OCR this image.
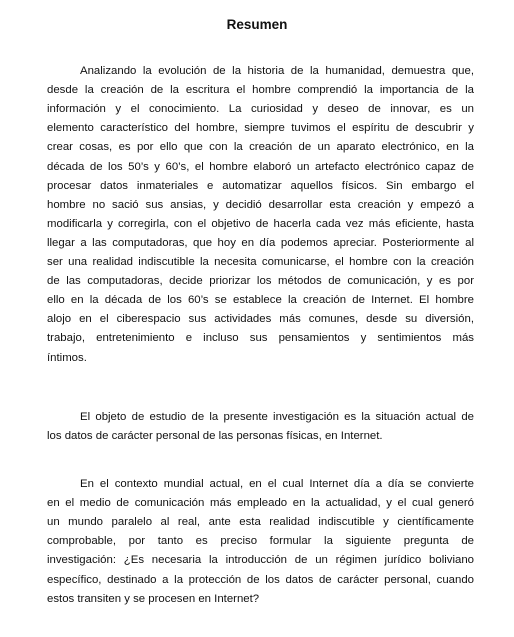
Resumen
Analizando la evolución de la historia de la humanidad, demuestra que,
desde la creación de la escritura el hombre comprendió la importancia de la
información y el conocimiento. La curiosidad y deseo de innovar, es un
elemento característico del hombre, siempre tuvimos el espíritu de descubrir y
crear cosas, es por ello que con la creación de un aparato electrónico, en la
década de los 50’s y 60’s, el hombre elaboró un artefacto electrónico capaz de
procesar datos inmateriales e automatizar aquellos físicos. Sin embargo el
hombre no sació sus ansias, y decidió desarrollar esta creación y empezó a
modificarla y corregirla, con el objetivo de hacerla cada vez más eficiente, hasta
llegar a las computadoras, que hoy en día podemos apreciar. Posteriormente al
ser una realidad indiscutible la necesita comunicarse, el hombre con la creación
de las computadoras, decide priorizar los métodos de comunicación, y es por
ello en la década de los 60’s se establece la creación de Internet. El hombre
alojo en el ciberespacio sus actividades más comunes, desde su diversión,
trabajo, entretenimiento e incluso sus pensamientos y sentimientos más
íntimos.
El objeto de estudio de la presente investigación es la situación actual de
los datos de carácter personal de las personas físicas, en Internet.
En el contexto mundial actual, en el cual Internet día a día se convierte
en el medio de comunicación más empleado en la actualidad, y el cual generó
un mundo paralelo al real, ante esta realidad indiscutible y científicamente
comprobable, por tanto es preciso formular la siguiente pregunta de
investigación: ¿Es necesaria la introducción de un régimen jurídico boliviano
específico, destinado a la protección de los datos de carácter personal, cuando
estos transiten y se procesen en Internet?
